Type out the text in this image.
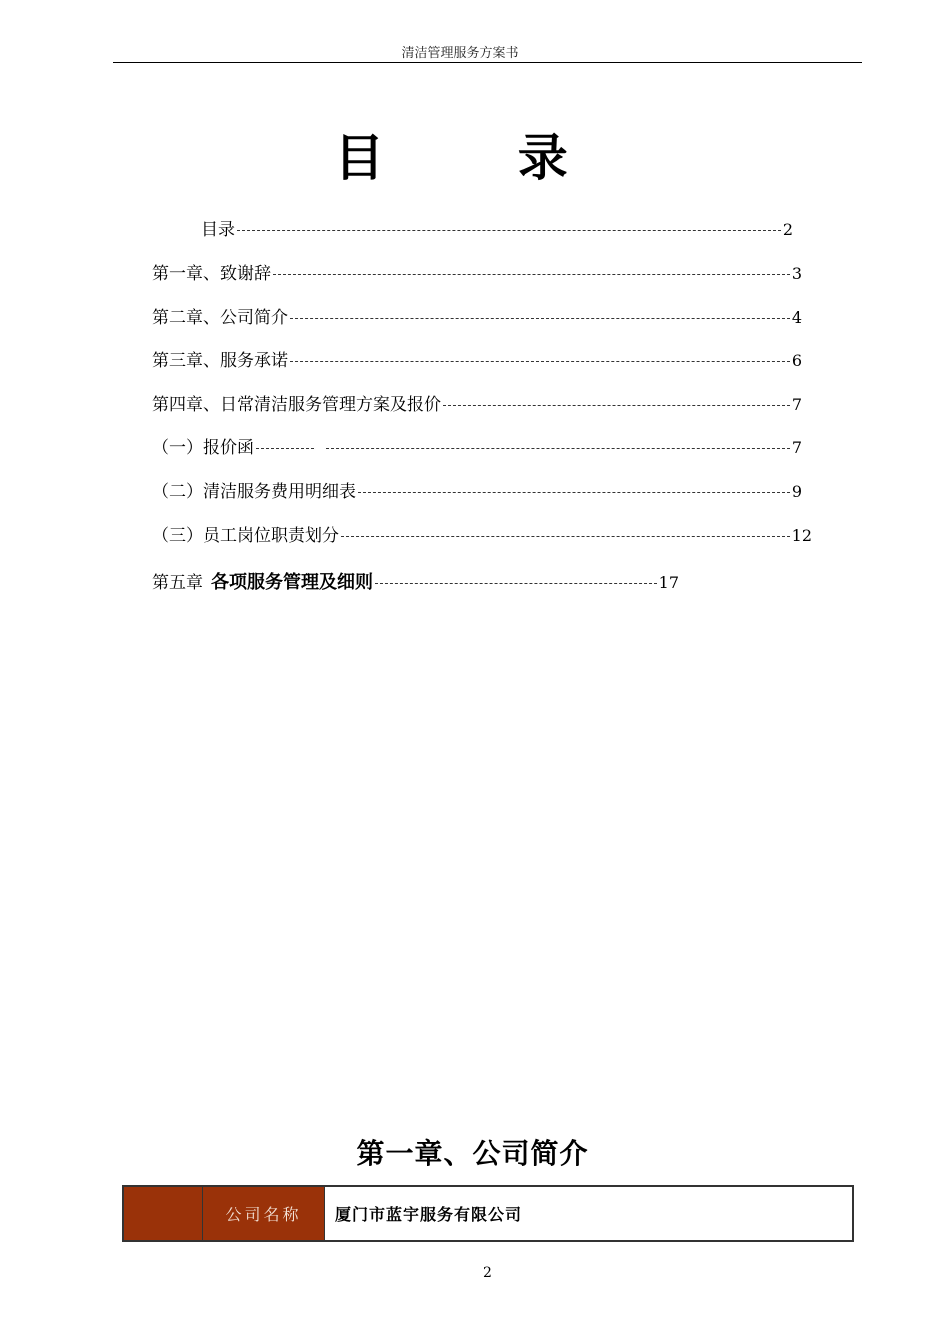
清洁管理服务方案书
目 录
目录	2
第一章、致谢辞	3
第二章、公司简介	4
第三章、服务承诺	6
第四章、日常清洁服务管理方案及报价	7
（一）报价函	7
（二）清洁服务费用明细表	9
（三）员工岗位职责划分	12
第五章 各项服务管理及细则	17
第一章、公司简介
公司名称	厦门市蓝宇服务有限公司
2
